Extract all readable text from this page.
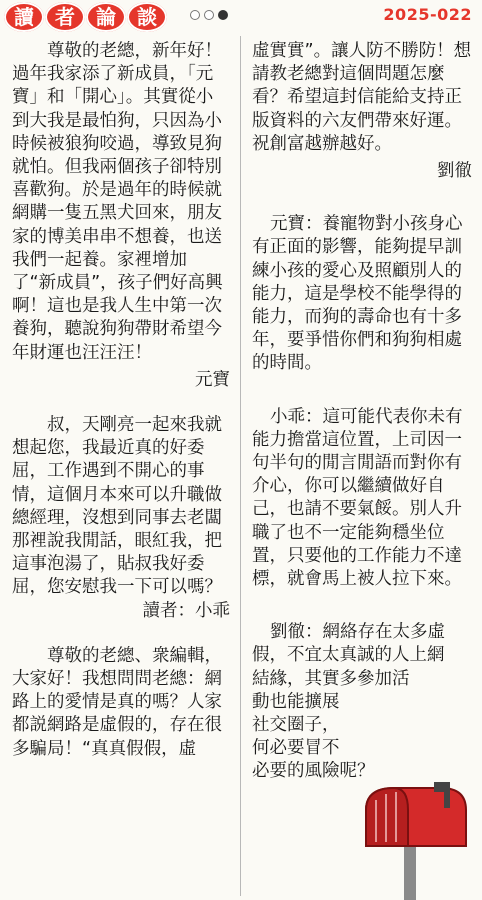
讀	者	論	談	2025-022

尊敬的老總，新年好！過年我家添了新成員，「元寶」和「開心」。其實從小到大我是最怕狗，只因為小時候被狼狗咬過，導致見狗就怕。但我兩個孩子卻特別喜歡狗。於是過年的時候就網購一隻五黑犬回來，朋友家的博美串串不想養，也送我們一起養。家裡增加了“新成員”，孩子們好高興啊！這也是我人生中第一次養狗，聽說狗狗帶財希望今年財運也汪汪汪！

元寶

叔，天剛亮一起來我就想起您，我最近真的好委屈，工作遇到不開心的事情，這個月本來可以升職做總經理，沒想到同事去老闆那裡說我閒話，眼紅我，把這事泡湯了，貼叔我好委屈，您安慰我一下可以嗎？

讀者：小乖

尊敬的老總、衆編輯，大家好！我想問問老總：網路上的愛情是真的嗎？人家都説網路是虛假的，存在很多騙局！“真真假假，虛

虛實實”。讓人防不勝防！想請教老總對這個問題怎麼看？希望這封信能給支持正版資料的六友們帶來好運。祝創富越辦越好。

劉徹

元寶：養寵物對小孩身心有正面的影響，能夠提早訓練小孩的愛心及照顧別人的能力，這是學校不能學得的能力，而狗的壽命也有十多年，要爭惜你們和狗狗相處的時間。

小乖：這可能代表你未有能力擔當這位置，上司因一句半句的閒言閒語而對你有介心，你可以繼續做好自己，也請不要氣餒。別人升職了也不一定能夠穩坐位置，只要他的工作能力不達標，就會馬上被人拉下來。

劉徹：網絡存在太多虛
假，不宜太真誠的人上網
結緣，其實多參加活
動也能擴展
社交圈子，
何必要冒不
必要的風險呢？
